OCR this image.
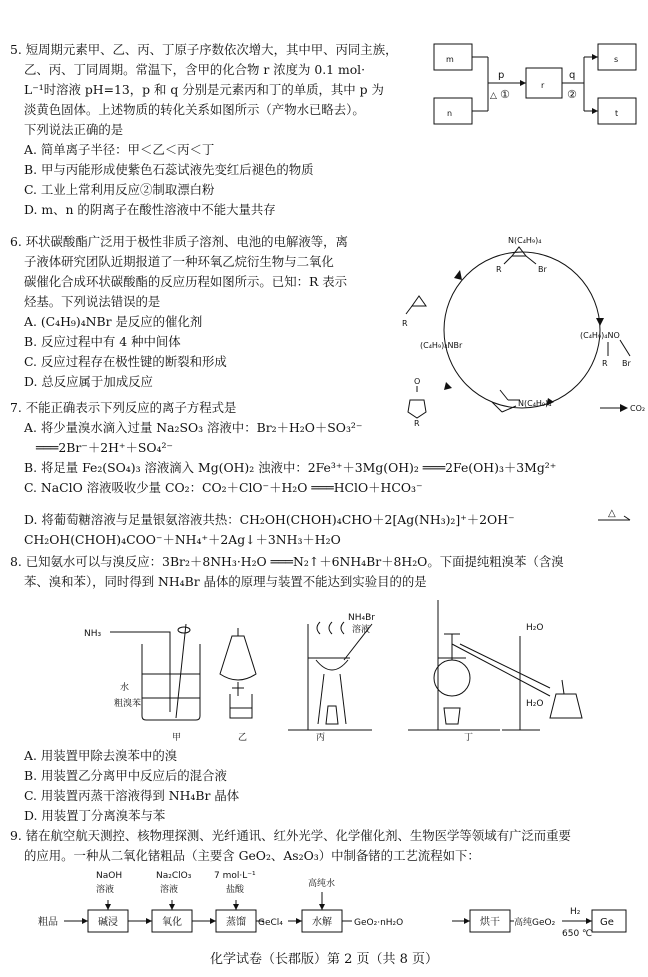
5. 短周期元素甲、乙、丙、丁原子序数依次增大，其中甲、丙同主族，
乙、丙、丁同周期。常温下，含甲的化合物 r 浓度为 0.1 mol·
L⁻¹时溶液 pH=13，p 和 q 分别是元素丙和丁的单质，其中 p 为
淡黄色固体。上述物质的转化关系如图所示（产物水已略去）。
下列说法正确的是
A. 简单离子半径：甲＜乙＜丙＜丁
B. 甲与丙能形成使紫色石蕊试液先变红后褪色的物质
C. 工业上常利用反应②制取漂白粉
D. m、n 的阴离子在酸性溶液中不能大量共存
m
n
r
s
t
p
△ ①
q
②
6. 环状碳酸酯广泛用于极性非质子溶剂、电池的电解液等，离
子液体研究团队近期报道了一种环氧乙烷衍生物与二氧化
碳催化合成环状碳酸酯的反应历程如图所示。已知：R 表示
烃基。下列说法错误的是
A. (C₄H₉)₄NBr 是反应的催化剂
B. 反应过程中有 4 种中间体
C. 反应过程存在极性键的断裂和形成
D. 总反应属于加成反应
N(C₄H₉)₄
Br
R
R
(C₄H₉)₄NO
Br
R
(C₄H₉)₄NBr
N(C₄H₉)₄
CO₂
O
R
7. 不能正确表示下列反应的离子方程式是
A. 将少量溴水滴入过量 Na₂SO₃ 溶液中：Br₂＋H₂O＋SO₃²⁻
═══2Br⁻＋2H⁺＋SO₄²⁻
B. 将足量 Fe₂(SO₄)₃ 溶液滴入 Mg(OH)₂ 浊液中：2Fe³⁺＋3Mg(OH)₂ ═══2Fe(OH)₃＋3Mg²⁺
C. NaClO 溶液吸收少量 CO₂：CO₂＋ClO⁻＋H₂O ═══HClO＋HCO₃⁻
D. 将葡萄糖溶液与足量银氨溶液共热：CH₂OH(CHOH)₄CHO＋2[Ag(NH₃)₂]⁺＋2OH⁻	△
CH₂OH(CHOH)₄COO⁻＋NH₄⁺＋2Ag↓＋3NH₃＋H₂O
8. 已知氨水可以与溴反应：3Br₂＋8NH₃·H₂O ═══N₂↑＋6NH₄Br＋8H₂O。下面提纯粗溴苯（含溴
苯、溴和苯），同时得到 NH₄Br 晶体的原理与装置不能达到实验目的的是
NH₃
水
粗溴苯
甲	乙	丙	丁
NH₄Br
溶液	H₂O
H₂O
A. 用装置甲除去溴苯中的溴
B. 用装置乙分离甲中反应后的混合液
C. 用装置丙蒸干溶液得到 NH₄Br 晶体
D. 用装置丁分离溴苯与苯
9. 锗在航空航天测控、核物理探测、光纤通讯、红外光学、化学催化剂、生物医学等领域有广泛而重要
的应用。一种从二氧化锗粗品（主要含 GeO₂、As₂O₃）中制备锗的工艺流程如下：
NaOH
溶液
Na₂ClO₃
溶液
7 mol·L⁻¹
盐酸
高纯水
粗品	碱浸	氧化	蒸馏 GeCl₄	水解 GeO₂·nH₂O	烘干 高纯GeO₂
H₂
650 ℃
Ge
化学试卷（长郡版）第 2 页（共 8 页）
